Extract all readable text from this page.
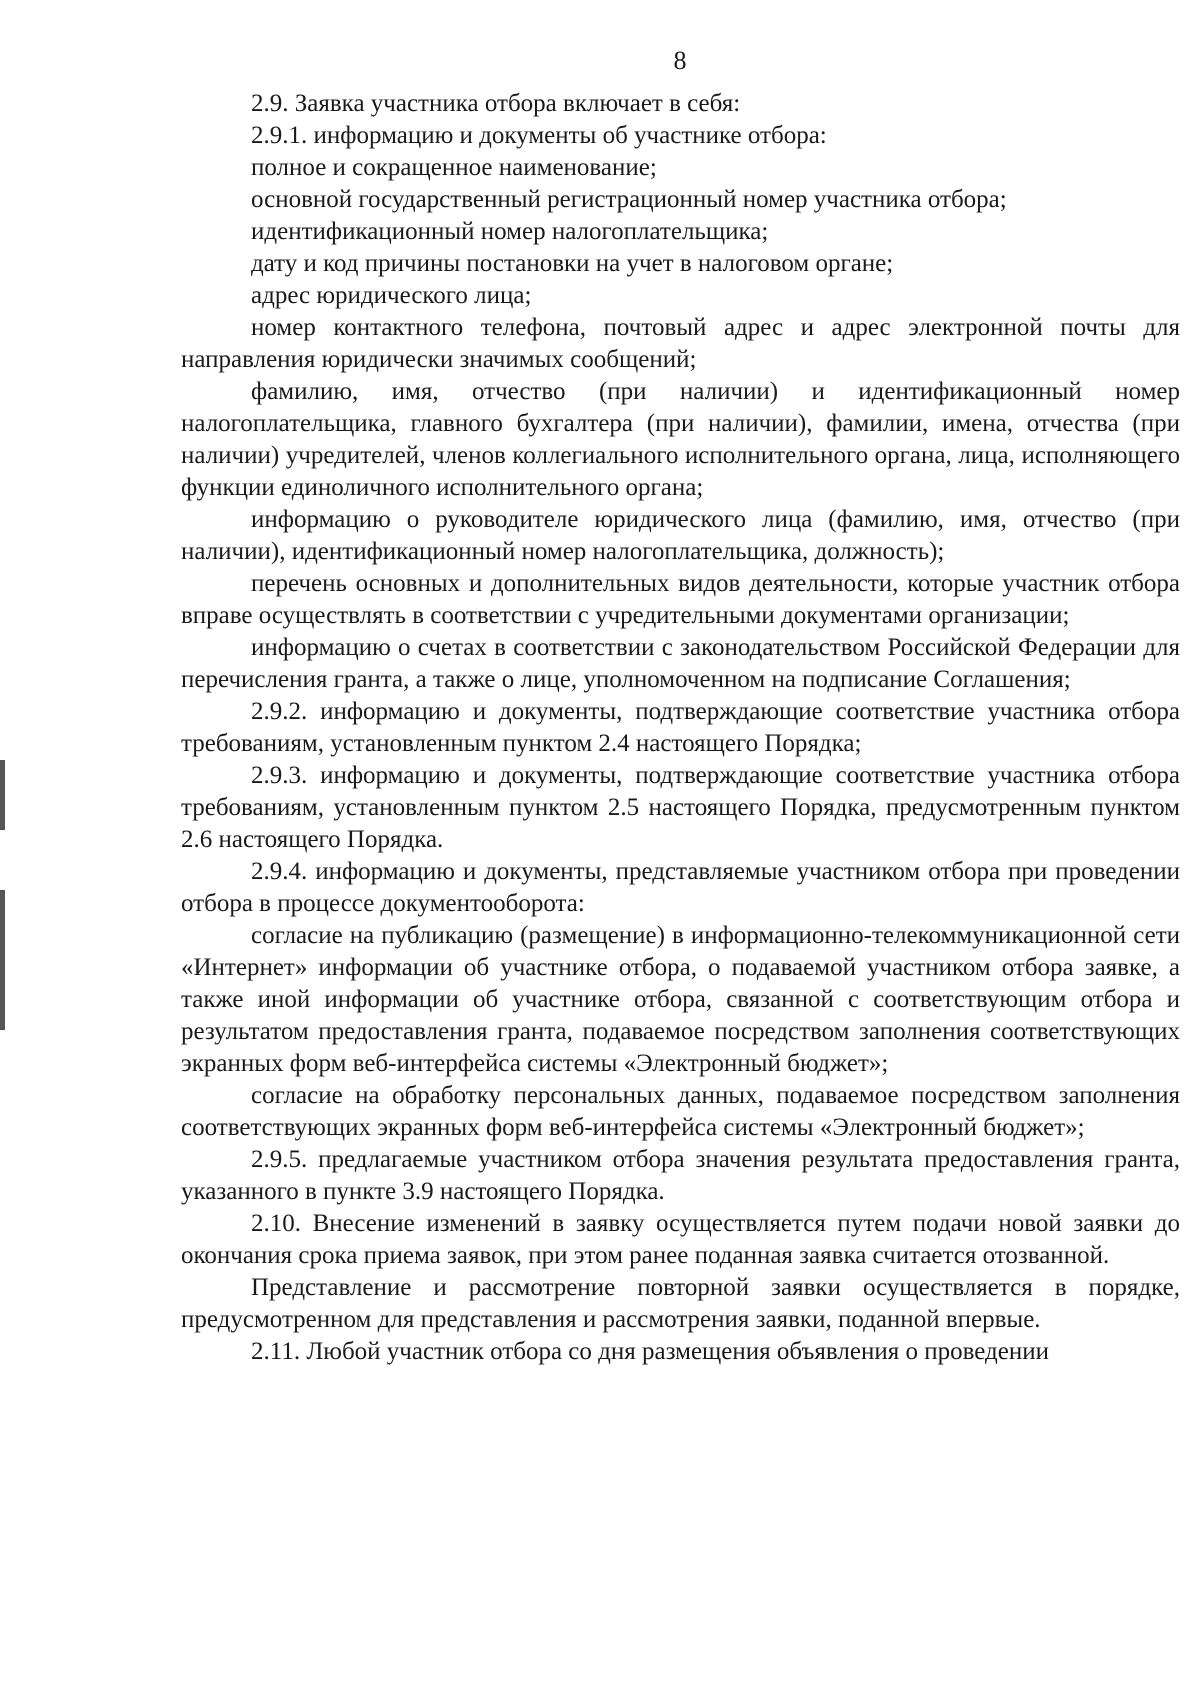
8

2.9. Заявка участника отбора включает в себя:

2.9.1. информацию и документы об участнике отбора:

полное и сокращенное наименование;

основной государственный регистрационный номер участника отбора;

идентификационный номер налогоплательщика;

дату и код причины постановки на учет в налоговом органе;

адрес юридического лица;

номер контактного телефона, почтовый адрес и адрес электронной почты для направления юридически значимых сообщений;

фамилию, имя, отчество (при наличии) и идентификационный номер налогоплательщика, главного бухгалтера (при наличии), фамилии, имена, отчества (при наличии) учредителей, членов коллегиального исполнительного органа, лица, исполняющего функции единоличного исполнительного органа;

информацию о руководителе юридического лица (фамилию, имя, отчество (при наличии), идентификационный номер налогоплательщика, должность);

перечень основных и дополнительных видов деятельности, которые участник отбора вправе осуществлять в соответствии с учредительными документами организации;

информацию о счетах в соответствии с законодательством Российской Федерации для перечисления гранта, а также о лице, уполномоченном на подписание Соглашения;

2.9.2. информацию и документы, подтверждающие соответствие участника отбора требованиям, установленным пунктом 2.4 настоящего Порядка;

2.9.3. информацию и документы, подтверждающие соответствие участника отбора требованиям, установленным пунктом 2.5 настоящего Порядка, предусмотренным пунктом 2.6 настоящего Порядка.

2.9.4. информацию и документы, представляемые участником отбора при проведении отбора в процессе документооборота:

согласие на публикацию (размещение) в информационно-телекоммуникационной сети «Интернет» информации об участнике отбора, о подаваемой участником отбора заявке, а также иной информации об участнике отбора, связанной с соответствующим отбора и результатом предоставления гранта, подаваемое посредством заполнения соответствующих экранных форм веб-интерфейса системы «Электронный бюджет»;

согласие на обработку персональных данных, подаваемое посредством заполнения соответствующих экранных форм веб-интерфейса системы «Электронный бюджет»;

2.9.5. предлагаемые участником отбора значения результата предоставления гранта, указанного в пункте 3.9 настоящего Порядка.

2.10. Внесение изменений в заявку осуществляется путем подачи новой заявки до окончания срока приема заявок, при этом ранее поданная заявка считается отозванной.

Представление и рассмотрение повторной заявки осуществляется в порядке, предусмотренном для представления и рассмотрения заявки, поданной впервые.

2.11. Любой участник отбора со дня размещения объявления о проведении
